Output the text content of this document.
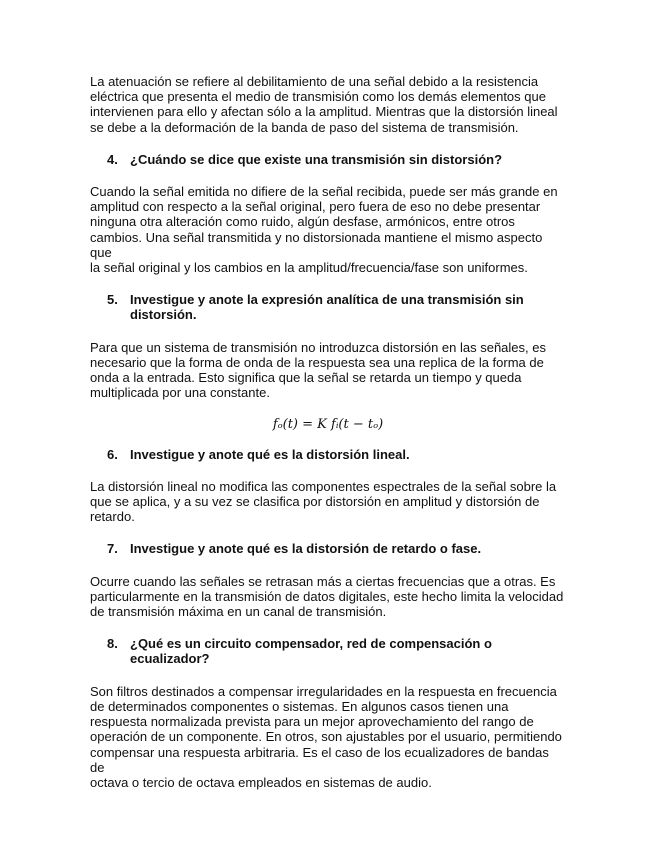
La atenuación se refiere al debilitamiento de una señal debido a la resistencia
eléctrica que presenta el medio de transmisión como los demás elementos que
intervienen para ello y afectan sólo a la amplitud. Mientras que la distorsión lineal
se debe a la deformación de la banda de paso del sistema de transmisión.

4. ¿Cuándo se dice que existe una transmisión sin distorsión?

Cuando la señal emitida no difiere de la señal recibida, puede ser más grande en
amplitud con respecto a la señal original, pero fuera de eso no debe presentar
ninguna otra alteración como ruido, algún desfase, armónicos, entre otros
cambios. Una señal transmitida y no distorsionada mantiene el mismo aspecto que
la señal original y los cambios en la amplitud/frecuencia/fase son uniformes.

5. Investigue y anote la expresión analítica de una transmisión sin
distorsión.

Para que un sistema de transmisión no introduzca distorsión en las señales, es
necesario que la forma de onda de la respuesta sea una replica de la forma de
onda a la entrada. Esto significa que la señal se retarda un tiempo y queda
multiplicada por una constante.

fₒ(t) = K fᵢ(t − tₒ)
6. Investigue y anote qué es la distorsión lineal.

La distorsión lineal no modifica las componentes espectrales de la señal sobre la
que se aplica, y a su vez se clasifica por distorsión en amplitud y distorsión de
retardo.

7. Investigue y anote qué es la distorsión de retardo o fase.

Ocurre cuando las señales se retrasan más a ciertas frecuencias que a otras. Es
particularmente en la transmisión de datos digitales, este hecho limita la velocidad
de transmisión máxima en un canal de transmisión.

8. ¿Qué es un circuito compensador, red de compensación o
ecualizador?

Son filtros destinados a compensar irregularidades en la respuesta en frecuencia
de determinados componentes o sistemas. En algunos casos tienen una
respuesta normalizada prevista para un mejor aprovechamiento del rango de
operación de un componente. En otros, son ajustables por el usuario, permitiendo
compensar una respuesta arbitraria. Es el caso de los ecualizadores de bandas de
octava o tercio de octava empleados en sistemas de audio.
